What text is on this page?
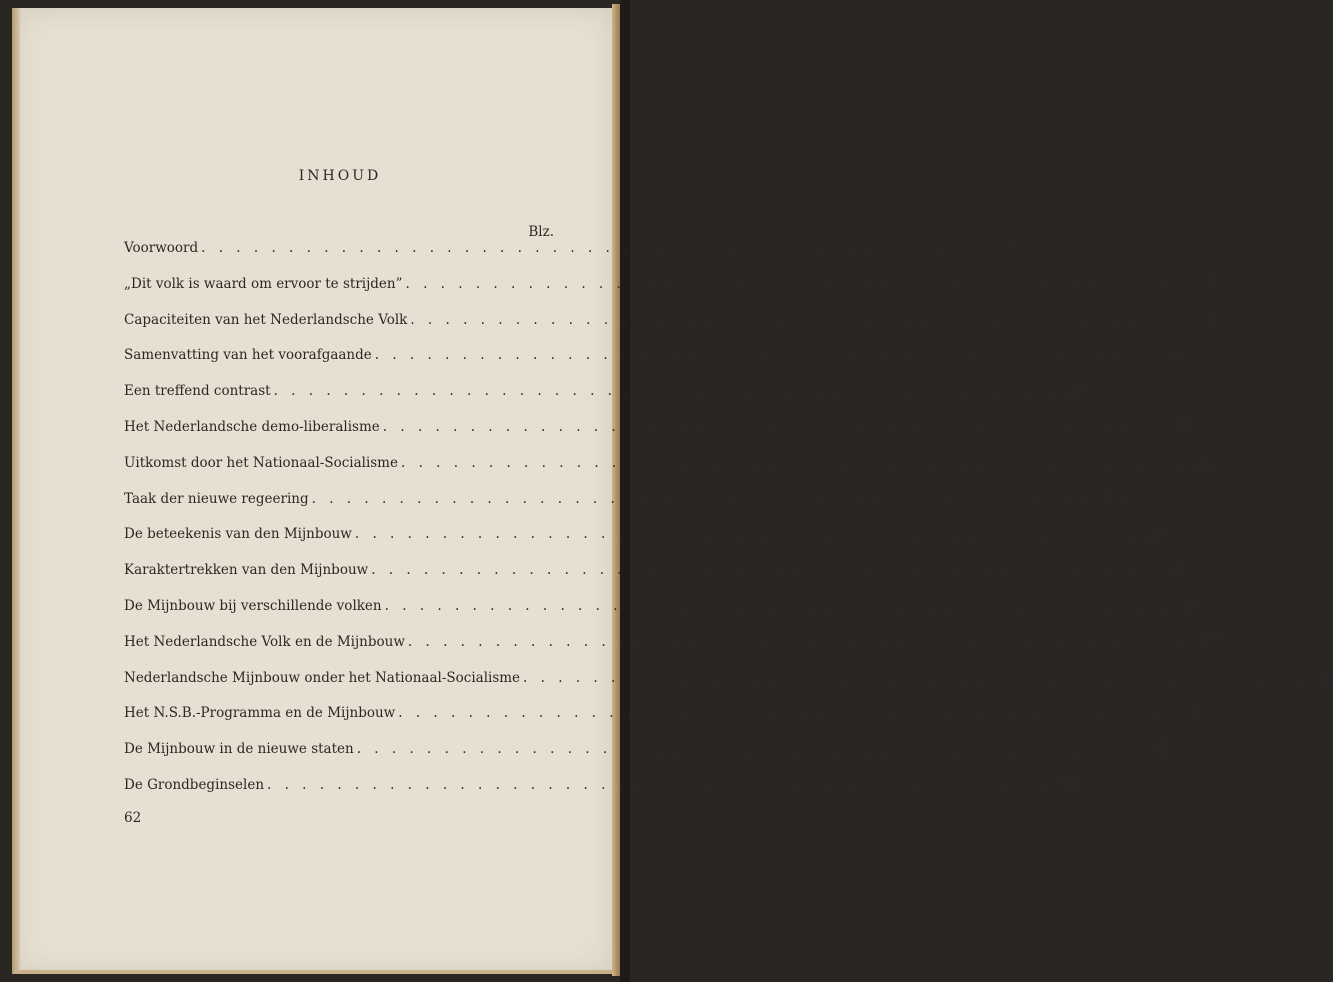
INHOUD
Blz.
Voorwoord . . . . . . . . . . . . . . . . . . . . . . . . . . . . . . . . . . . . . . . . . . . . .	3
„Dit volk is waard om ervoor te strijden” . . . . . . . . . . . . . . . . . . . . . . . . . . . . . . . . . . . . . . . . . . . . .	5
Capaciteiten van het Nederlandsche Volk . . . . . . . . . . . . . . . . . . . . . . . . . . . . . . . . . . . . . . . . . . . . .	6
Samenvatting van het voorafgaande . . . . . . . . . . . . . . . . . . . . . . . . . . . . . . . . . . . . . . . . . . . . . 16
Een treffend contrast . . . . . . . . . . . . . . . . . . . . . . . . . . . . . . . . . . . . . . . . . . . . . 18
Het Nederlandsche demo-liberalisme . . . . . . . . . . . . . . . . . . . . . . . . . . . . . . . . . . . . . . . . . . . . . 20
Uitkomst door het Nationaal-Socialisme . . . . . . . . . . . . . . . . . . . . . . . . . . . . . . . . . . . . . . . . . . . . . 22
Taak der nieuwe regeering . . . . . . . . . . . . . . . . . . . . . . . . . . . . . . . . . . . . . . . . . . . . . 23
De beteekenis van den Mijnbouw . . . . . . . . . . . . . . . . . . . . . . . . . . . . . . . . . . . . . . . . . . . . . 27
Karaktertrekken van den Mijnbouw . . . . . . . . . . . . . . . . . . . . . . . . . . . . . . . . . . . . . . . . . . . . . 30
De Mijnbouw bij verschillende volken . . . . . . . . . . . . . . . . . . . . . . . . . . . . . . . . . . . . . . . . . . . . . 33
Het Nederlandsche Volk en de Mijnbouw . . . . . . . . . . . . . . . . . . . . . . . . . . . . . . . . . . . . . . . . . . . . . 37
Nederlandsche Mijnbouw onder het Nationaal-Socialisme . . . . . . . . . . . . . . . . . . . . . . . . . . . . . . . . . . . . . . . . . . . . . 44
Het N.S.B.-Programma en de Mijnbouw . . . . . . . . . . . . . . . . . . . . . . . . . . . . . . . . . . . . . . . . . . . . . 47
De Mijnbouw in de nieuwe staten . . . . . . . . . . . . . . . . . . . . . . . . . . . . . . . . . . . . . . . . . . . . . 54
De Grondbeginselen . . . . . . . . . . . . . . . . . . . . . . . . . . . . . . . . . . . . . . . . . . . . . 56
62
